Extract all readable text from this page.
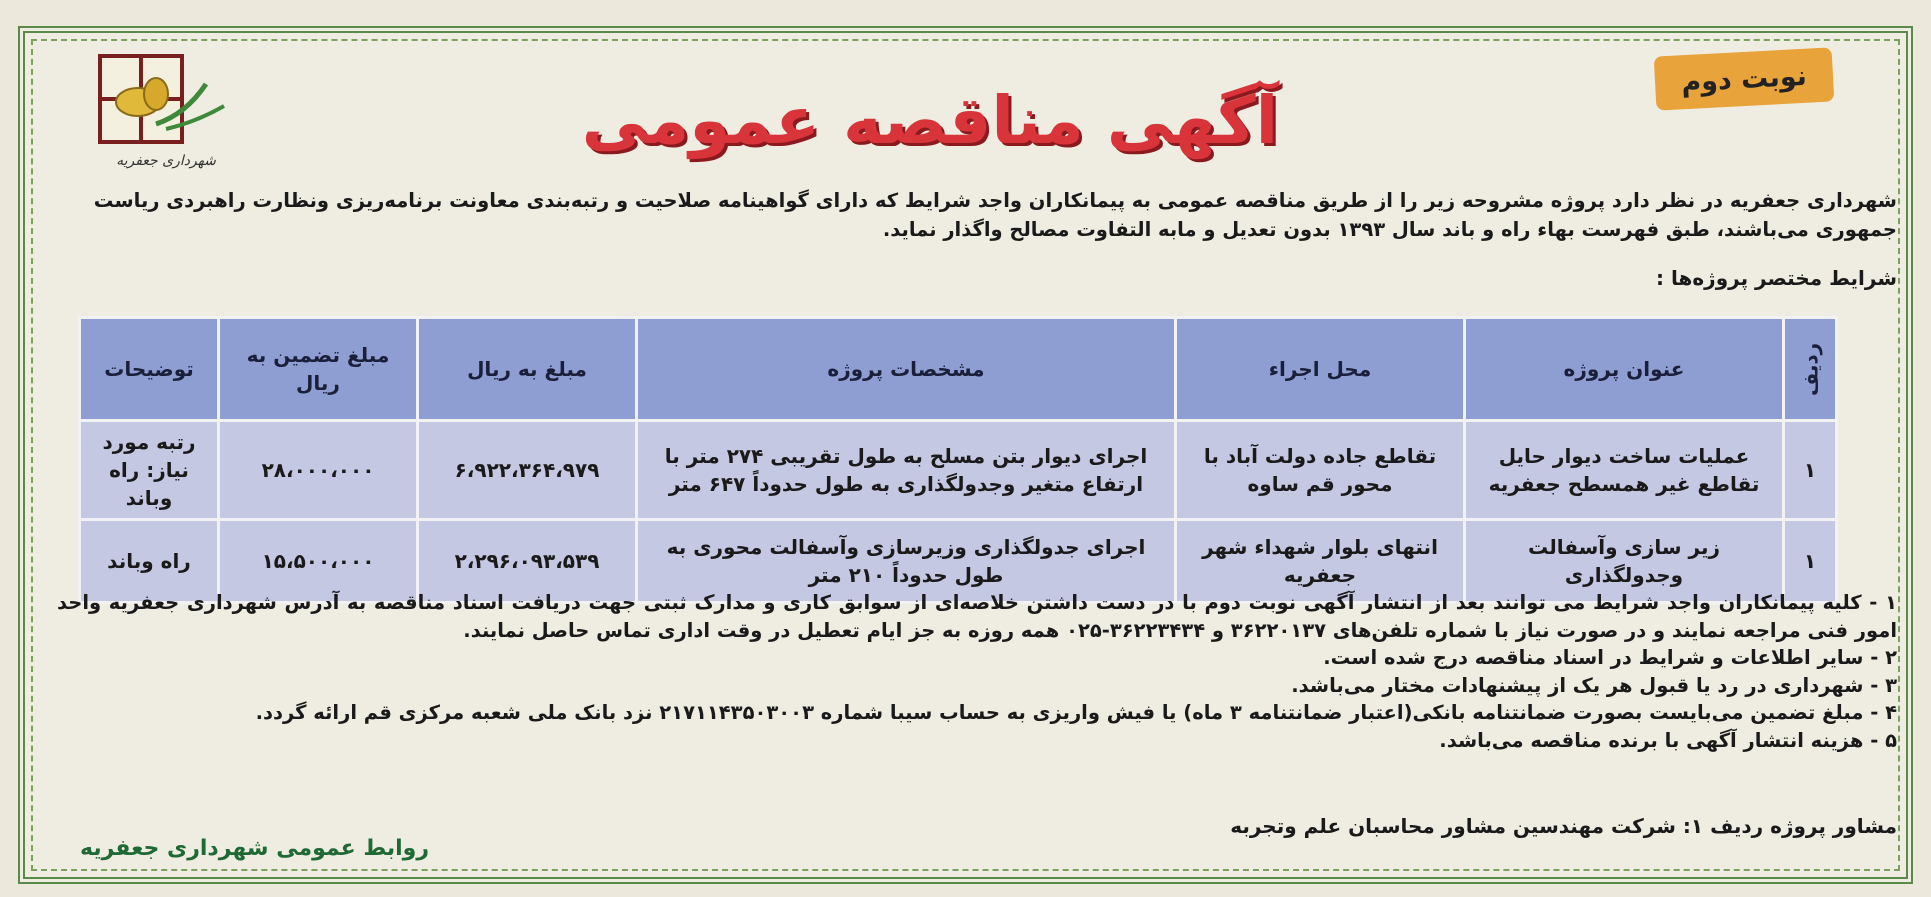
شهرداری جعفریه
نوبت دوم
آگهی مناقصه عمومی

شهرداری جعفریه در نظر دارد پروژه مشروحه زیر را از طریق مناقصه عمومی به پیمانکاران واجد شرایط که دارای گواهینامه صلاحیت و رتبه‌بندی معاونت برنامه‌ریزی ونظارت راهبردی ریاست

جمهوری می‌باشند، طبق فهرست بهاء راه و باند سال ۱۳۹۳ بدون تعدیل و مابه التفاوت مصالح واگذار نماید.

شرایط مختصر پروژه‌ها :
ردیف	عنوان پروژه	محل اجراء	مشخصات پروژه	مبلغ به ریال	مبلغ تضمین به ریال	توضیحات
۱	عملیات ساخت دیوار حایل تقاطع غیر همسطح جعفریه	تقاطع جاده دولت آباد با محور قم ساوه	اجرای دیوار بتن مسلح به طول تقریبی ۲۷۴ متر با ارتفاع متغیر وجدولگذاری به طول حدوداً ۶۴۷ متر	۶،۹۲۲،۳۶۴،۹۷۹	۲۸،۰۰۰،۰۰۰	رتبه مورد نیاز: راه وباند
۱	زیر سازی وآسفالت وجدولگذاری	انتهای بلوار شهداء شهر جعفریه	اجرای جدولگذاری وزیرسازی وآسفالت محوری به طول حدوداً ۲۱۰ متر	۲،۲۹۶،۰۹۳،۵۳۹	۱۵،۵۰۰،۰۰۰	راه وباند

۱ - کلیه پیمانکاران واجد شرایط می توانند بعد از انتشار آگهی نوبت دوم با در دست داشتن خلاصه‌ای از سوابق کاری و مدارک ثبتی جهت دریافت اسناد مناقصه به آدرس شهرداری جعفریه واحد امور فنی مراجعه نمایند و در صورت نیاز با شماره تلفن‌های ۳۶۲۲۰۱۳۷ و ۳۶۲۲۳۴۳۴-۰۲۵ همه روزه به جز ایام تعطیل در وقت اداری تماس حاصل نمایند.

۲ - سایر اطلاعات و شرایط در اسناد مناقصه درج شده است.

۳ - شهرداری در رد یا قبول هر یک از پیشنهادات مختار می‌باشد.

۴ - مبلغ تضمین می‌بایست بصورت ضمانتنامه بانکی(اعتبار ضمانتنامه ۳ ماه) یا فیش واریزی به حساب سیبا شماره ۲۱۷۱۱۴۳۵۰۳۰۰۳ نزد بانک ملی شعبه مرکزی قم ارائه گردد.

۵ - هزینه انتشار آگهی با برنده مناقصه می‌باشد.

مشاور پروژه ردیف ۱: شرکت مهندسین مشاور محاسبان علم وتجربه
روابط عمومی شهرداری جعفریه
